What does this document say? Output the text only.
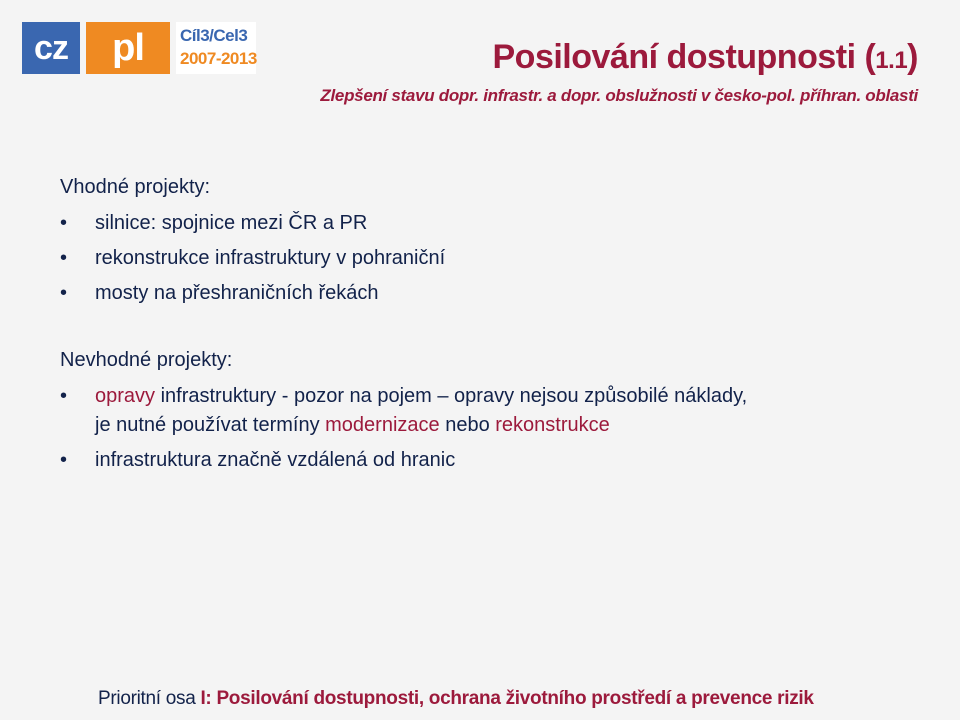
cz	pl	Cíl3/Cel3
2007-2013	Posilování dostupnosti (1.1)
Zlepšení stavu dopr. infrastr. a dopr. obslužnosti v česko-pol. příhran. oblasti
Vhodné projekty:
• silnice: spojnice mezi ČR a PR
• rekonstrukce infrastruktury v pohraniční
• mosty na přeshraničních řekách
Nevhodné projekty:
• opravy infrastruktury - pozor na pojem – opravy nejsou způsobilé náklady,
je nutné používat termíny modernizace nebo rekonstrukce
• infrastruktura značně vzdálená od hranic
Prioritní osa I: Posilování dostupnosti, ochrana životního prostředí a prevence rizik
